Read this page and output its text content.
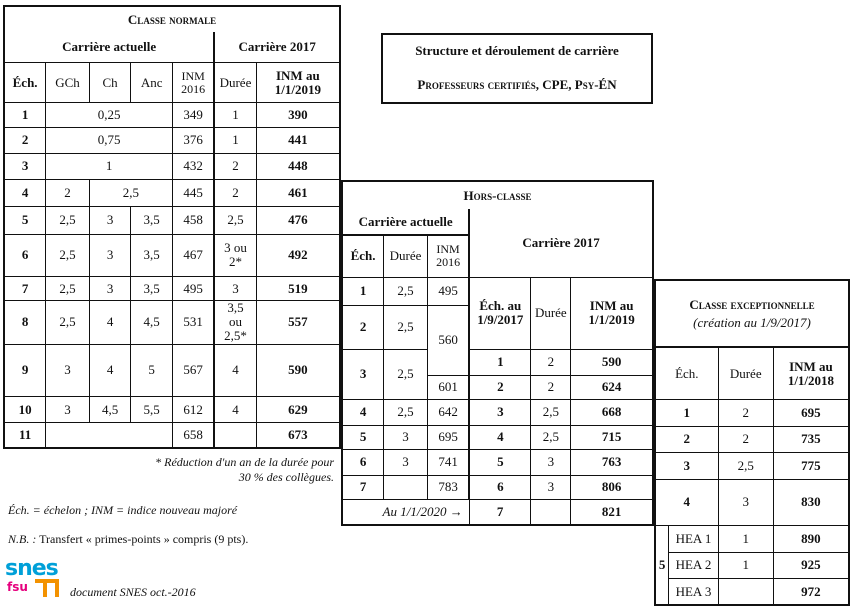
Classe normale						
Carrière actuelle					Carrière 2017	
Éch.	GCh	Ch	Anc	INM 2016	Durée	INM au 1/1/2019
1	0,25			349	1	390
2	0,75			376	1	441
3	1			432	2	448
4	2	2,5		445	2	461
5	2,5	3	3,5	458	2,5	476
6	2,5	3	3,5	467	3 ou 2*	492
7	2,5	3	3,5	495	3	519
8	2,5	4	4,5	531	3,5 ou 2,5*	557
9	3	4	5	567	4	590
10	3	4,5	5,5	612	4	629
11				658		673
Structure et déroulement de carrière
Professeurs certifiés, CPE, Psy-ÉN
Hors-classe					
Carrière actuelle			Carrière 2017		
Éch.	Durée	INM 2016			
1	2,5	495	Éch. au 1/9/2017	Durée	INM au 1/1/2019
2	2,5	560			
3	2,5		1	2	590
		601	2	2	624
4	2,5	642	3	2,5	668
5	3	695	4	2,5	715
6	3	741	5	3	763
7		783	6	3	806
Au 1/1/2020 →			7		821
Classe exceptionnelle
(création au 1/9/2017)			

Éch.		Durée	INM au 1/1/2018
1		2	695
2		2	735
3		2,5	775
4		3	830
5	HEA 1	1	890
	HEA 2	1	925
	HEA 3		972
* Réduction d'un an de la durée pour 30 % des collègues.
Éch. = échelon ; INM = indice nouveau majoré
N.B. : Transfert « primes-points » compris (9 pts).
document SNES oct.-2016
snes
fsu
